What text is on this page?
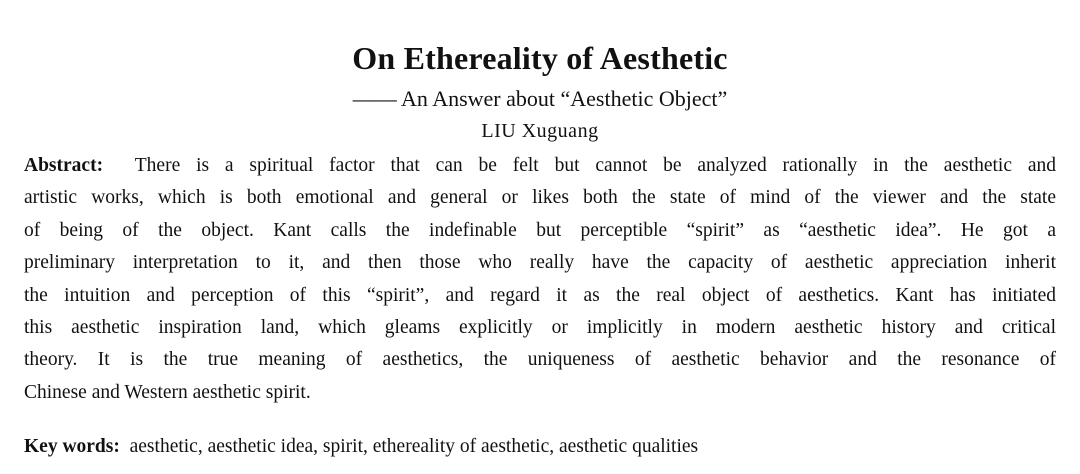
On Ethereality of Aesthetic
—— An Answer about “Aesthetic Object”
LIU Xuguang
Abstract: There is a spiritual factor that can be felt but cannot be analyzed rationally in the aesthetic and
artistic works, which is both emotional and general or likes both the state of mind of the viewer and the state
of being of the object. Kant calls the indefinable but perceptible “spirit” as “aesthetic idea”. He got a
preliminary interpretation to it, and then those who really have the capacity of aesthetic appreciation inherit
the intuition and perception of this “spirit”, and regard it as the real object of aesthetics. Kant has initiated
this aesthetic inspiration land, which gleams explicitly or implicitly in modern aesthetic history and critical
theory. It is the true meaning of aesthetics, the uniqueness of aesthetic behavior and the resonance of
Chinese and Western aesthetic spirit.
Key words: aesthetic, aesthetic idea, spirit, ethereality of aesthetic, aesthetic qualities
